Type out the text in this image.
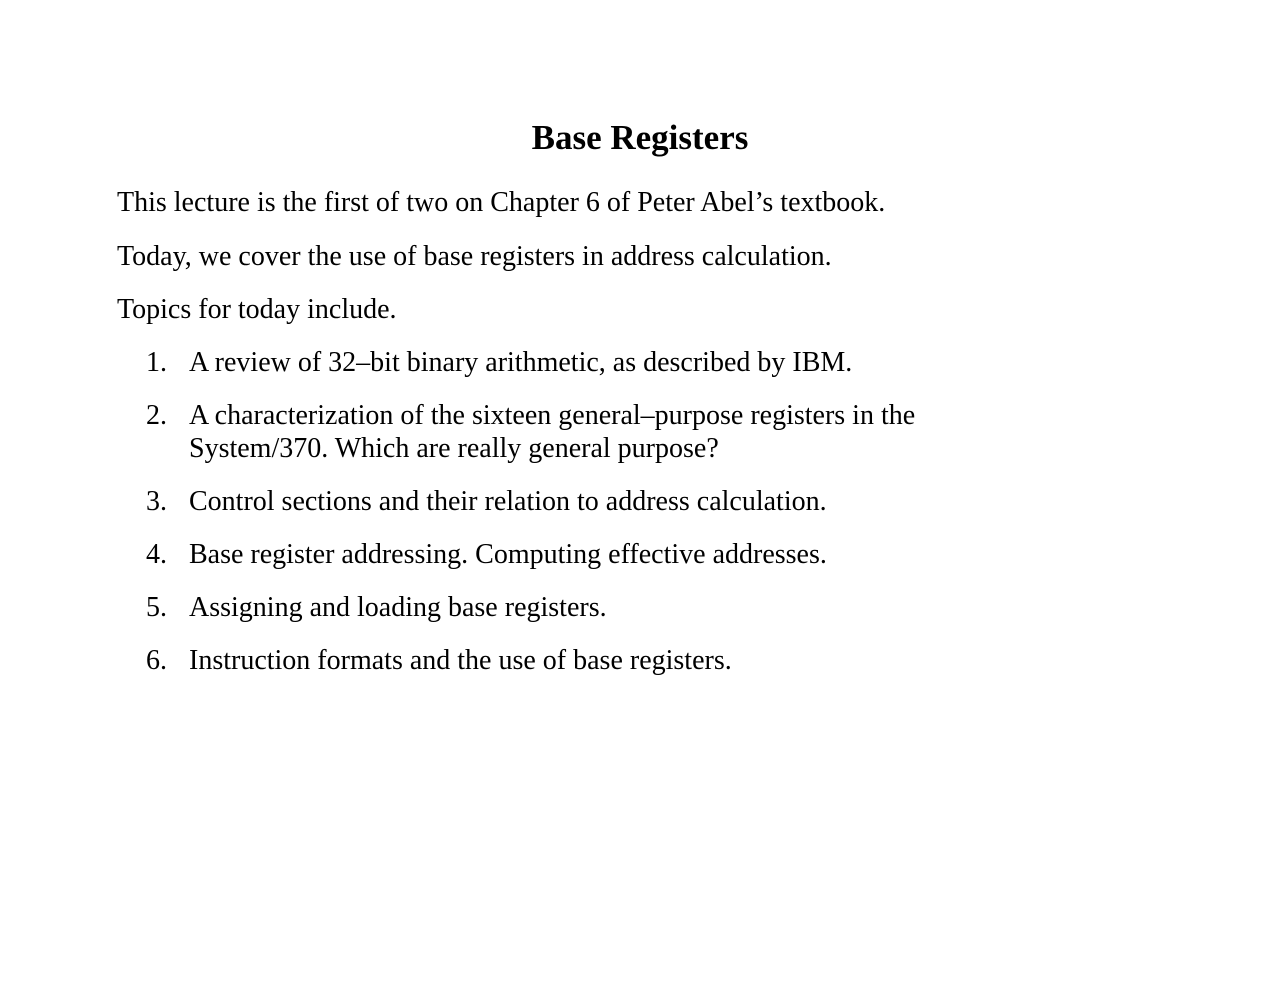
Base Registers

This lecture is the first of two on Chapter 6 of Peter Abel’s textbook.

Today, we cover the use of base registers in address calculation.

Topics for today include.

1. A review of 32–bit binary arithmetic, as described by IBM.
2. A characterization of the sixteen general–purpose registers in the
System/370. Which are really general purpose?
3. Control sections and their relation to address calculation.
4. Base register addressing. Computing effective addresses.
5. Assigning and loading base registers.
6. Instruction formats and the use of base registers.
